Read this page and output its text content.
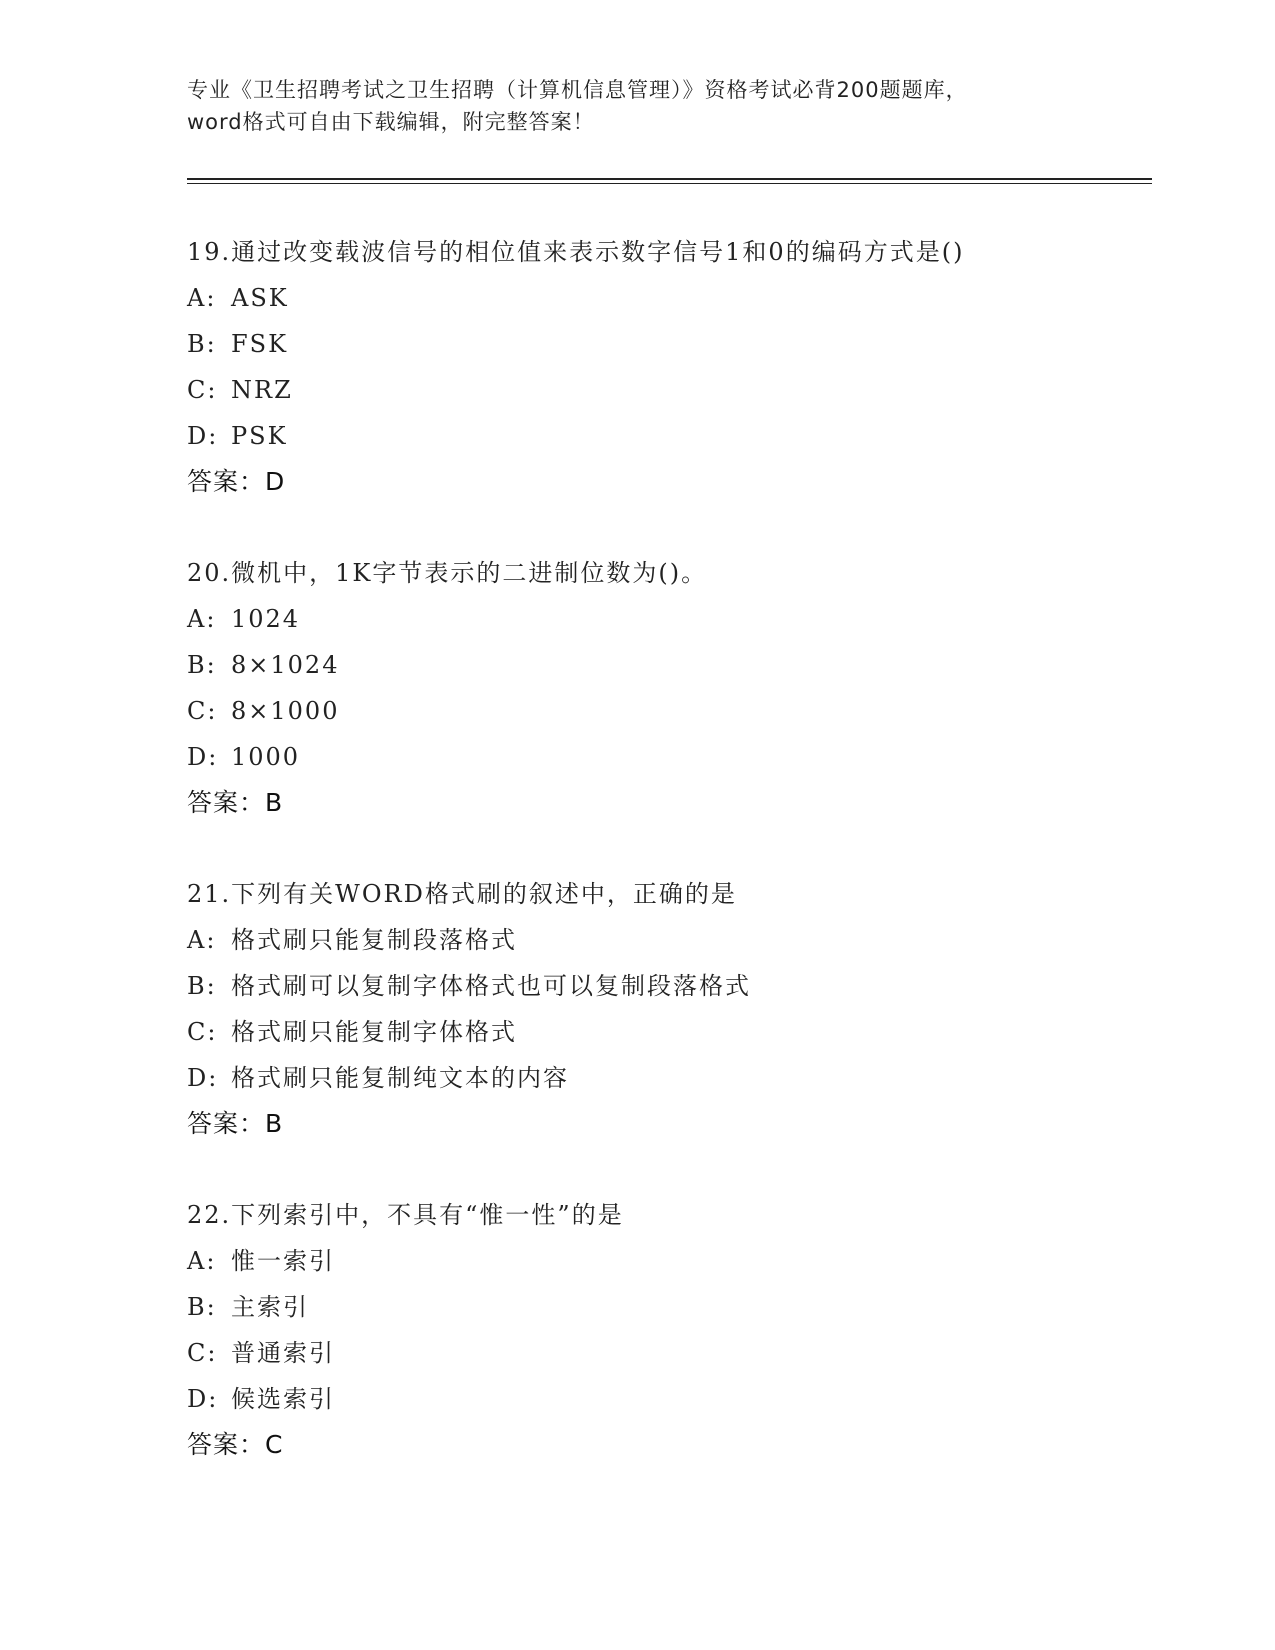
专业《卫生招聘考试之卫生招聘（计算机信息管理）》资格考试必背200题题库，
word格式可自由下载编辑，附完整答案！
19.通过改变载波信号的相位值来表示数字信号1和0的编码方式是()
A: ASK
B: FSK
C: NRZ
D: PSK
答案：D
20.微机中，1K字节表示的二进制位数为()。
A: 1024
B: 8×1024
C: 8×1000
D: 1000
答案：B
21.下列有关WORD格式刷的叙述中，正确的是
A: 格式刷只能复制段落格式
B: 格式刷可以复制字体格式也可以复制段落格式
C: 格式刷只能复制字体格式
D: 格式刷只能复制纯文本的内容
答案：B
22.下列索引中，不具有“惟一性”的是
A: 惟一索引
B: 主索引
C: 普通索引
D: 候选索引
答案：C
